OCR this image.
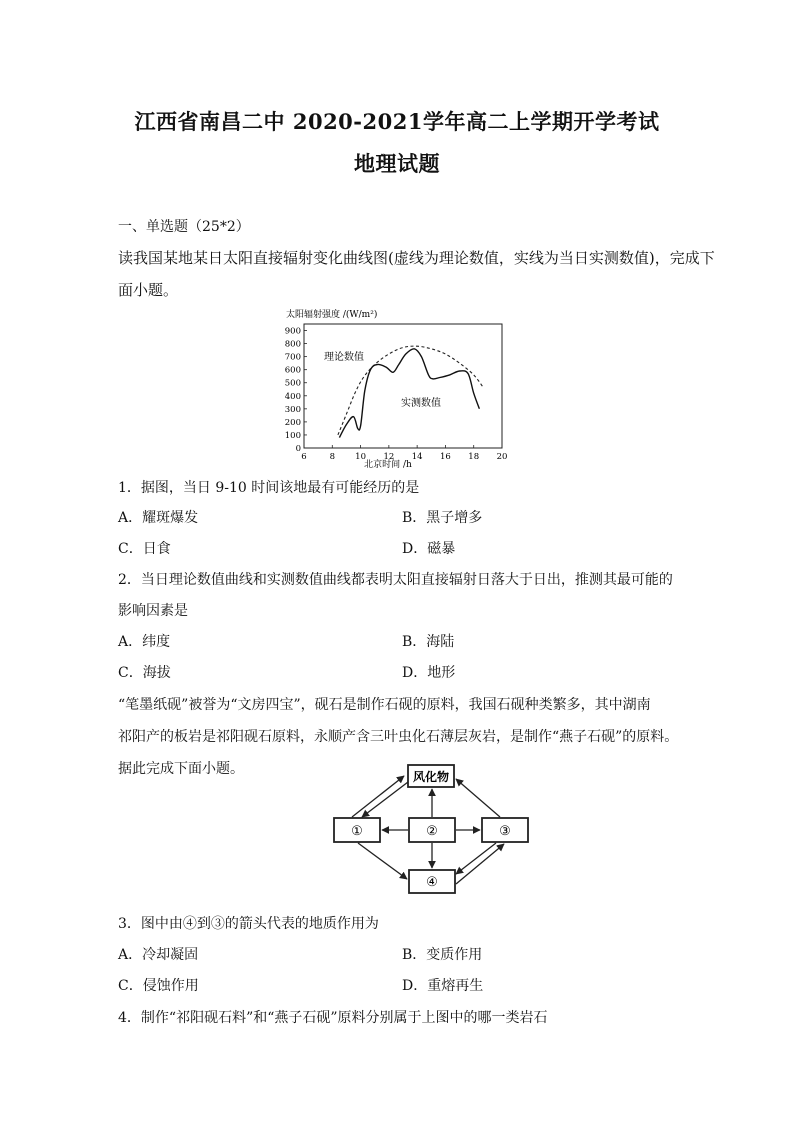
江西省南昌二中 2020-2021学年高二上学期开学考试
地理试题
一、单选题（25*2）
读我国某地某日太阳直接辐射变化曲线图(虚线为理论数值，实线为当日实测数值)，完成下
面小题。
太阳辐射强度 /(W/m²)
0
100
200
300
400
500
600
700
800
900
6	8 10 12 14 16 18 20
理论数值
实测数值
北京时间 /h
1．据图，当日 9-10 时间该地最有可能经历的是
A．耀斑爆发	B．黑子增多
C．日食	D．磁暴
2．当日理论数值曲线和实测数值曲线都表明太阳直接辐射日落大于日出，推测其最可能的
影响因素是
A．纬度	B．海陆
C．海拔	D．地形
“笔墨纸砚”被誉为“文房四宝”，砚石是制作石砚的原料，我国石砚种类繁多，其中湖南
祁阳产的板岩是祁阳砚石原料，永顺产含三叶虫化石薄层灰岩，是制作“燕子石砚”的原料。
据此完成下面小题。	风化物
①	②	③
④
3．图中由④到③的箭头代表的地质作用为
A．冷却凝固	B．变质作用
C．侵蚀作用	D．重熔再生
4．制作“祁阳砚石料”和“燕子石砚”原料分别属于上图中的哪一类岩石
